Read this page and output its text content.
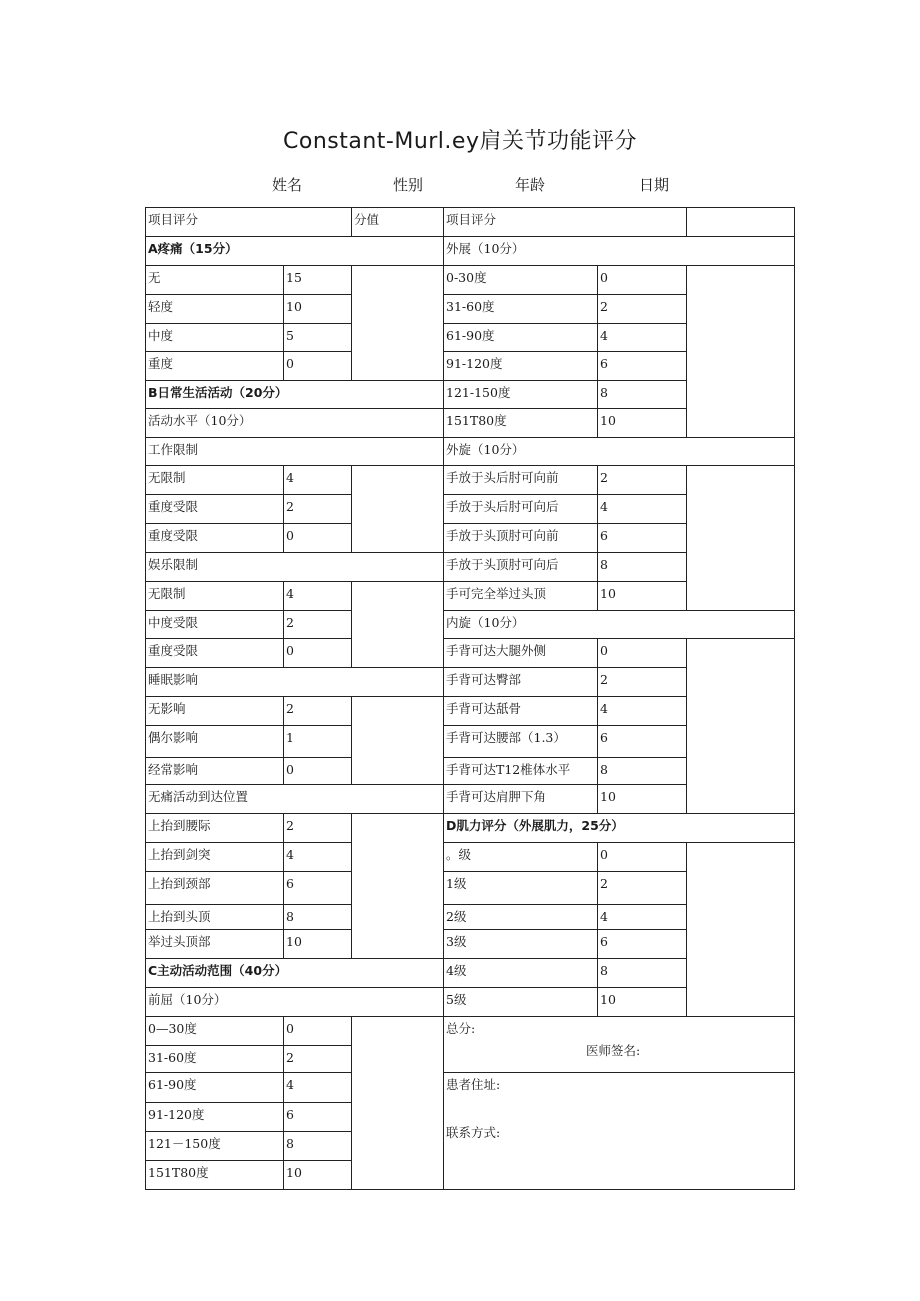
Constant-Murl.ey肩关节功能评分
姓名	性别	年龄	日期
项目评分	分值	项目评分
A疼痛（15分）
无	15
轻度	10
中度	5
重度	0
B日常生活活动（20分）
活动水平（10分）
工作限制
无限制	4
重度受限	2
重度受限	0
娱乐限制
无限制	4
中度受限	2
重度受限	0
睡眠影响
无影响	2
偶尔影响	1
经常影响	0
无痛活动到达位置
上抬到腰际	2
上抬到剑突	4
上抬到颈部	6
上抬到头顶	8
举过头顶部	10
C主动活动范围（40分）
前屈（10分）
0—30度	0
31-60度	2
61-90度	4
91-120度	6
121－150度	8
151T80度	10
外展（10分）
0-30度	0
31-60度	2
61-90度	4
91-120度	6
121-150度	8
151T80度	10
外旋（10分）
手放于头后肘可向前	2
手放于头后肘可向后	4
手放于头顶肘可向前	6
手放于头顶肘可向后	8
手可完全举过头顶	10
内旋（10分）
手背可达大腿外侧	0
手背可达臀部	2
手背可达舐骨	4
手背可达腰部（1.3）	6
手背可达T12椎体水平	8
手背可达肩胛下角	10
D肌力评分（外展肌力，25分）
。级	0
1级	2
2级	4
3级	6
4级	8
5级	10
总分:
医师签名:
患者住址:
联系方式:
